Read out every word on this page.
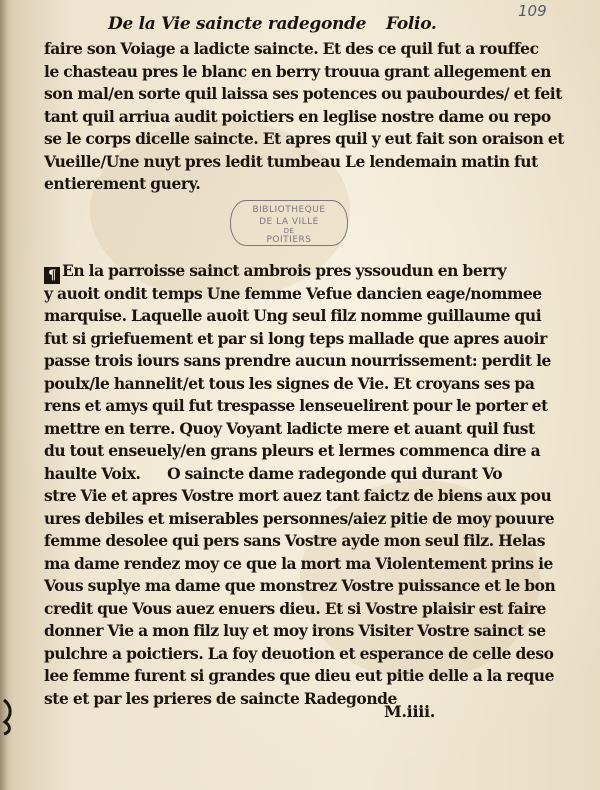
109
De la Vie saincte radegonde Folio.
faire son Voiage a ladicte saincte. Et des ce quil fut a rouffec
le chasteau pres le blanc en berry trouua grant allegement en
son mal/en sorte quil laissa ses potences ou paubourdes/ et feit
tant quil arriua audit poictiers en leglise nostre dame ou repo
se le corps dicelle saincte. Et apres quil y eut fait son oraison et
Vueille/Une nuyt pres ledit tumbeau Le lendemain matin fut
entierement guery.
BIBLIOTHEQUE
DE LA VILLE
DE
POITIERS
¶ En la parroisse sainct ambrois pres yssoudun en berry
y auoit ondit temps Une femme Vefue dancien eage/nommee
marquise. Laquelle auoit Ung seul filz nomme guillaume qui
fut si griefuement et par si long teps mallade que apres auoir
passe trois iours sans prendre aucun nourrissement: perdit le
poulx/le hannelit/et tous les signes de Vie. Et croyans ses pa
rens et amys quil fut trespasse lenseuelirent pour le porter et
mettre en terre. Quoy Voyant ladicte mere et auant quil fust
du tout enseuely/en grans pleurs et lermes commenca dire a
haulte Voix.      O saincte dame radegonde qui durant Vo
stre Vie et apres Vostre mort auez tant faictz de biens aux pou
ures debiles et miserables personnes/aiez pitie de moy pouure
femme desolee qui pers sans Vostre ayde mon seul filz. Helas
ma dame rendez moy ce que la mort ma Violentement prins ie
Vous suplye ma dame que monstrez Vostre puissance et le bon
credit que Vous auez enuers dieu. Et si Vostre plaisir est faire
donner Vie a mon filz luy et moy irons Visiter Vostre sainct se
pulchre a poictiers. La foy deuotion et esperance de celle deso
lee femme furent si grandes que dieu eut pitie delle a la reque
ste et par les prieres de saincte Radegonde
M.iiii.
